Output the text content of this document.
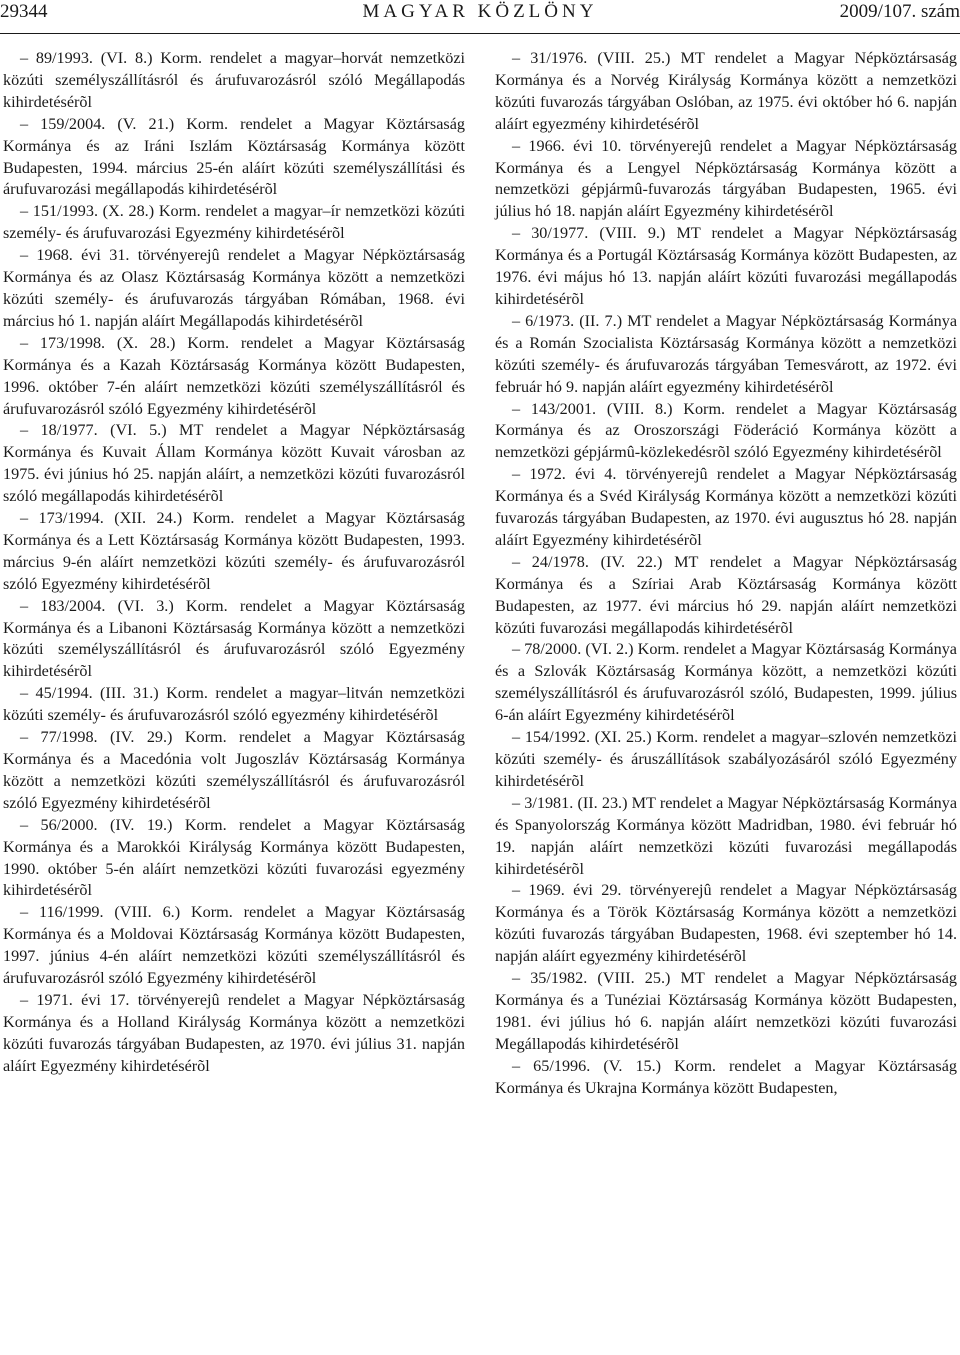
29344	MAGYAR KÖZLÖNY	2009/107. szám

– 89/1993. (VI. 8.) Korm. rendelet a magyar–horvát nemzetközi közúti személyszállításról és árufuvarozásról szóló Megállapodás kihirdetésérõl

– 159/2004. (V. 21.) Korm. rendelet a Magyar Köztársaság Kormánya és az Iráni Iszlám Köztársaság Kormánya között Budapesten, 1994. március 25-én aláírt közúti személyszállítási és árufuvarozási megállapodás kihirdetésérõl

– 151/1993. (X. 28.) Korm. rendelet a magyar–ír nemzetközi közúti személy- és árufuvarozási Egyezmény kihirdetésérõl

– 1968. évi 31. törvényerejû rendelet a Magyar Népköztársaság Kormánya és az Olasz Köztársaság Kormánya között a nemzetközi közúti személy- és árufuvarozás tárgyában Rómában, 1968. évi március hó 1. napján aláírt Megállapodás kihirdetésérõl

– 173/1998. (X. 28.) Korm. rendelet a Magyar Köztársaság Kormánya és a Kazah Köztársaság Kormánya között Budapesten, 1996. október 7-én aláírt nemzetközi közúti személyszállításról és árufuvarozásról szóló Egyezmény kihirdetésérõl

– 18/1977. (VI. 5.) MT rendelet a Magyar Népköztársaság Kormánya és Kuvait Állam Kormánya között Kuvait városban az 1975. évi június hó 25. napján aláírt, a nemzetközi közúti fuvarozásról szóló megállapodás kihirdetésérõl

– 173/1994. (XII. 24.) Korm. rendelet a Magyar Köztársaság Kormánya és a Lett Köztársaság Kormánya között Budapesten, 1993. március 9-én aláírt nemzetközi közúti személy- és árufuvarozásról szóló Egyezmény kihirdetésérõl

– 183/2004. (VI. 3.) Korm. rendelet a Magyar Köztársaság Kormánya és a Libanoni Köztársaság Kormánya között a nemzetközi közúti személyszállításról és árufuvarozásról szóló Egyezmény kihirdetésérõl

– 45/1994. (III. 31.) Korm. rendelet a magyar–litván nemzetközi közúti személy- és árufuvarozásról szóló egyezmény kihirdetésérõl

– 77/1998. (IV. 29.) Korm. rendelet a Magyar Köztársaság Kormánya és a Macedónia volt Jugoszláv Köztársaság Kormánya között a nemzetközi közúti személyszállításról és árufuvarozásról szóló Egyezmény kihirdetésérõl

– 56/2000. (IV. 19.) Korm. rendelet a Magyar Köztársaság Kormánya és a Marokkói Királyság Kormánya között Budapesten, 1990. október 5-én aláírt nemzetközi közúti fuvarozási egyezmény kihirdetésérõl

– 116/1999. (VIII. 6.) Korm. rendelet a Magyar Köztársaság Kormánya és a Moldovai Köztársaság Kormánya között Budapesten, 1997. június 4-én aláírt nemzetközi közúti személyszállításról és árufuvarozásról szóló Egyezmény kihirdetésérõl

– 1971. évi 17. törvényerejû rendelet a Magyar Népköztársaság Kormánya és a Holland Királyság Kormánya között a nemzetközi közúti fuvarozás tárgyában Budapesten, az 1970. évi július 31. napján aláírt Egyezmény kihirdetésérõl

– 31/1976. (VIII. 25.) MT rendelet a Magyar Népköztársaság Kormánya és a Norvég Királyság Kormánya között a nemzetközi közúti fuvarozás tárgyában Oslóban, az 1975. évi október hó 6. napján aláírt egyezmény kihirdetésérõl

– 1966. évi 10. törvényerejû rendelet a Magyar Népköztársaság Kormánya és a Lengyel Népköztársaság Kormánya között a nemzetközi gépjármû-fuvarozás tárgyában Budapesten, 1965. évi július hó 18. napján aláírt Egyezmény kihirdetésérõl

– 30/1977. (VIII. 9.) MT rendelet a Magyar Népköztársaság Kormánya és a Portugál Köztársaság Kormánya között Budapesten, az 1976. évi május hó 13. napján aláírt közúti fuvarozási megállapodás kihirdetésérõl

– 6/1973. (II. 7.) MT rendelet a Magyar Népköztársaság Kormánya és a Román Szocialista Köztársaság Kormánya között a nemzetközi közúti személy- és árufuvarozás tárgyában Temesvárott, az 1972. évi február hó 9. napján aláírt egyezmény kihirdetésérõl

– 143/2001. (VIII. 8.) Korm. rendelet a Magyar Köztársaság Kormánya és az Oroszországi Föderáció Kormánya között a nemzetközi gépjármû-közlekedésrõl szóló Egyezmény kihirdetésérõl

– 1972. évi 4. törvényerejû rendelet a Magyar Népköztársaság Kormánya és a Svéd Királyság Kormánya között a nemzetközi közúti fuvarozás tárgyában Budapesten, az 1970. évi augusztus hó 28. napján aláírt Egyezmény kihirdetésérõl

– 24/1978. (IV. 22.) MT rendelet a Magyar Népköztársaság Kormánya és a Szíriai Arab Köztársaság Kormánya között Budapesten, az 1977. évi március hó 29. napján aláírt nemzetközi közúti fuvarozási megállapodás kihirdetésérõl

– 78/2000. (VI. 2.) Korm. rendelet a Magyar Köztársaság Kormánya és a Szlovák Köztársaság Kormánya között, a nemzetközi közúti személyszállításról és árufuvarozásról szóló, Budapesten, 1999. július 6-án aláírt Egyezmény kihirdetésérõl

– 154/1992. (XI. 25.) Korm. rendelet a magyar–szlovén nemzetközi közúti személy- és áruszállítások szabályozásáról szóló Egyezmény kihirdetésérõl

– 3/1981. (II. 23.) MT rendelet a Magyar Népköztársaság Kormánya és Spanyolország Kormánya között Madridban, 1980. évi február hó 19. napján aláírt nemzetközi közúti fuvarozási megállapodás kihirdetésérõl

– 1969. évi 29. törvényerejû rendelet a Magyar Népköztársaság Kormánya és a Török Köztársaság Kormánya között a nemzetközi közúti fuvarozás tárgyában Budapesten, 1968. évi szeptember hó 14. napján aláírt egyezmény kihirdetésérõl

– 35/1982. (VIII. 25.) MT rendelet a Magyar Népköztársaság Kormánya és a Tunéziai Köztársaság Kormánya között Budapesten, 1981. évi július hó 6. napján aláírt nemzetközi közúti fuvarozási Megállapodás kihirdetésérõl

– 65/1996. (V. 15.) Korm. rendelet a Magyar Köztársaság Kormánya és Ukrajna Kormánya között Budapesten,
